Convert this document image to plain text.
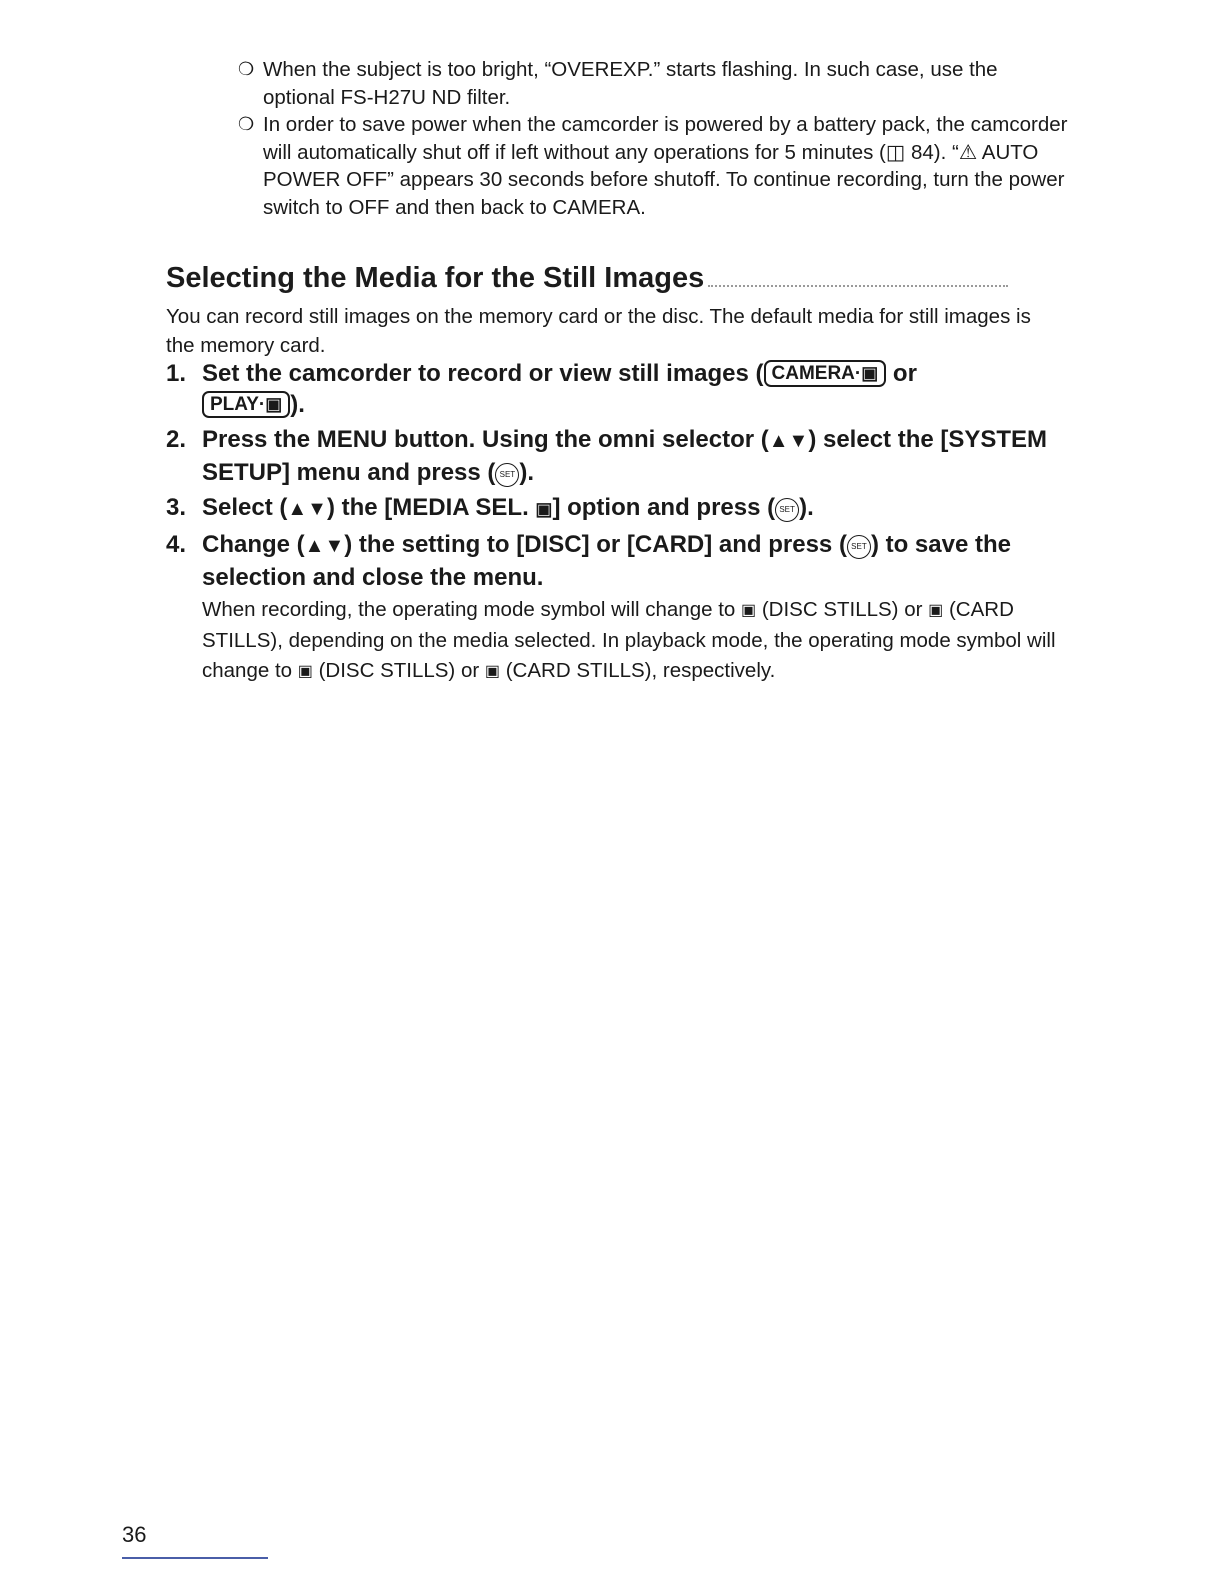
❍ When the subject is too bright, “OVEREXP.” starts flashing. In such case, use the optional FS-H27U ND filter.
❍ In order to save power when the camcorder is powered by a battery pack, the camcorder will automatically shut off if left without any operations for 5 minutes (◫ 84). “⚠ AUTO POWER OFF” appears 30 seconds before shutoff. To continue recording, turn the power switch to OFF and then back to CAMERA.
Selecting the Media for the Still Images
You can record still images on the memory card or the disc. The default media for still images is the memory card.
1. Set the camcorder to record or view still images ( CAMERA·▣ or
PLAY·▣ ).
2. Press the MENU button. Using the omni selector (▲▼) select the [SYSTEM SETUP] menu and press ( SET ).
3. Select (▲▼) the [MEDIA SEL. ▣] option and press ( SET ).
4. Change (▲▼) the setting to [DISC] or [CARD] and press ( SET ) to save the selection and close the menu.
When recording, the operating mode symbol will change to ▣ (DISC STILLS) or ▣ (CARD STILLS), depending on the media selected. In playback mode, the operating mode symbol will change to ▣ (DISC STILLS) or ▣ (CARD STILLS), respectively.
36
